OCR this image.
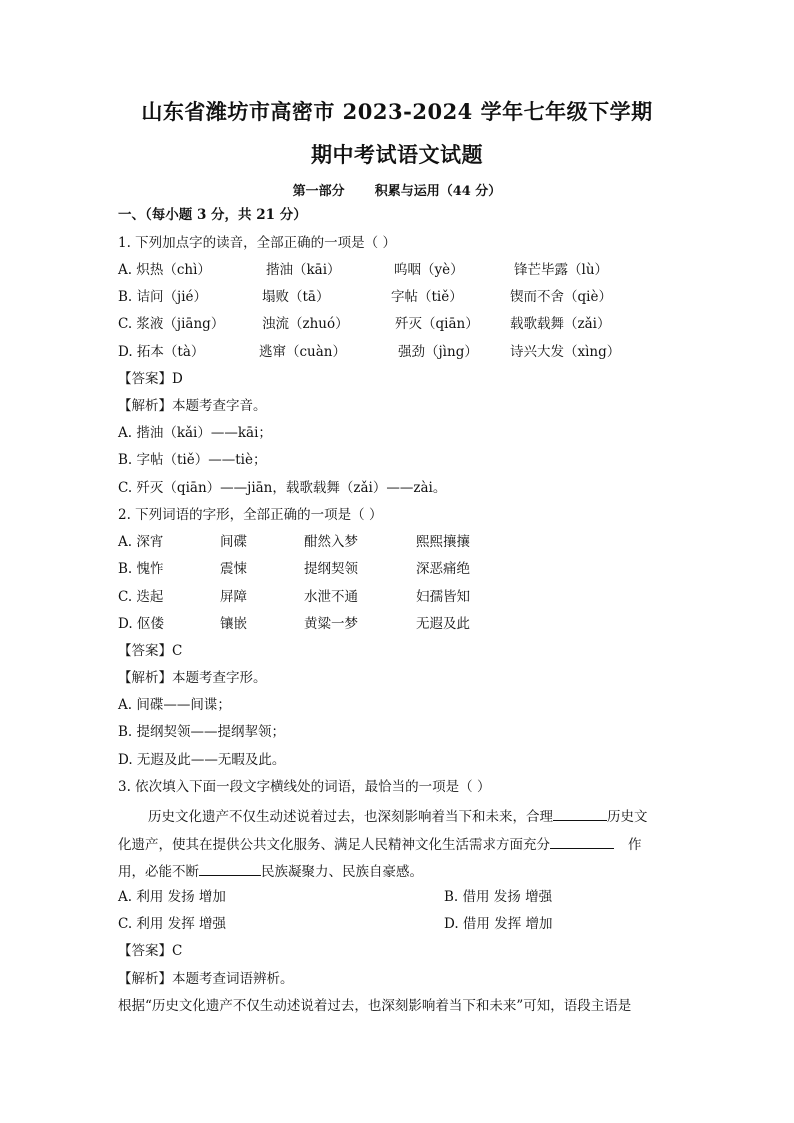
山东省潍坊市高密市 2023-2024 学年七年级下学期
期中考试语文试题
第一部分 积累与运用（44 分）
一、（每小题 3 分，共 21 分）
1. 下列加点字的读音，全部正确的一项是（ ）
A. 炽热（chì）	揩油（kāi）	呜咽（yè）	锋芒毕露（lù）
B. 诘问（jié）	塌败（tā）	字帖（tiě）	锲而不舍（qiè）
C. 浆液（jiāng）	浊流（zhuó）	歼灭（qiān） 载歌载舞（zǎi）
D. 拓本（tà）	逃窜（cuàn）	强劲（jìng） 诗兴大发（xìng）
【答案】D
【解析】本题考查字音。
A. 揩油（kǎi）——kāi；
B. 字帖（tiě）——tiè；
C. 歼灭（qiān）——jiān，载歌载舞（zǎi）——zài。
2. 下列词语的字形，全部正确的一项是（ ）
A. 深宵	间碟	酣然入梦	熙熙攘攘
B. 愧怍	震悚	提纲契领	深恶痛绝
C. 迭起	屏障	水泄不通	妇孺皆知
D. 伛偻	镶嵌	黄粱一梦	无遐及此
【答案】C
【解析】本题考查字形。
A. 间碟——间谍；
B. 提纲契领——提纲挈领；
D. 无遐及此——无暇及此。
3. 依次填入下面一段文字横线处的词语，最恰当的一项是（ ）
历史文化遗产不仅生动述说着过去，也深刻影响着当下和未来，合理	历史文
化遗产，使其在提供公共文化服务、满足人民精神文化生活需求方面充分	作
用，必能不断	民族凝聚力、民族自豪感。
A. 利用 发扬 增加	B. 借用 发扬 增强
C. 利用 发挥 增强	D. 借用 发挥 增加
【答案】C
【解析】本题考查词语辨析。
根据“历史文化遗产不仅生动述说着过去，也深刻影响着当下和未来”可知，语段主语是
